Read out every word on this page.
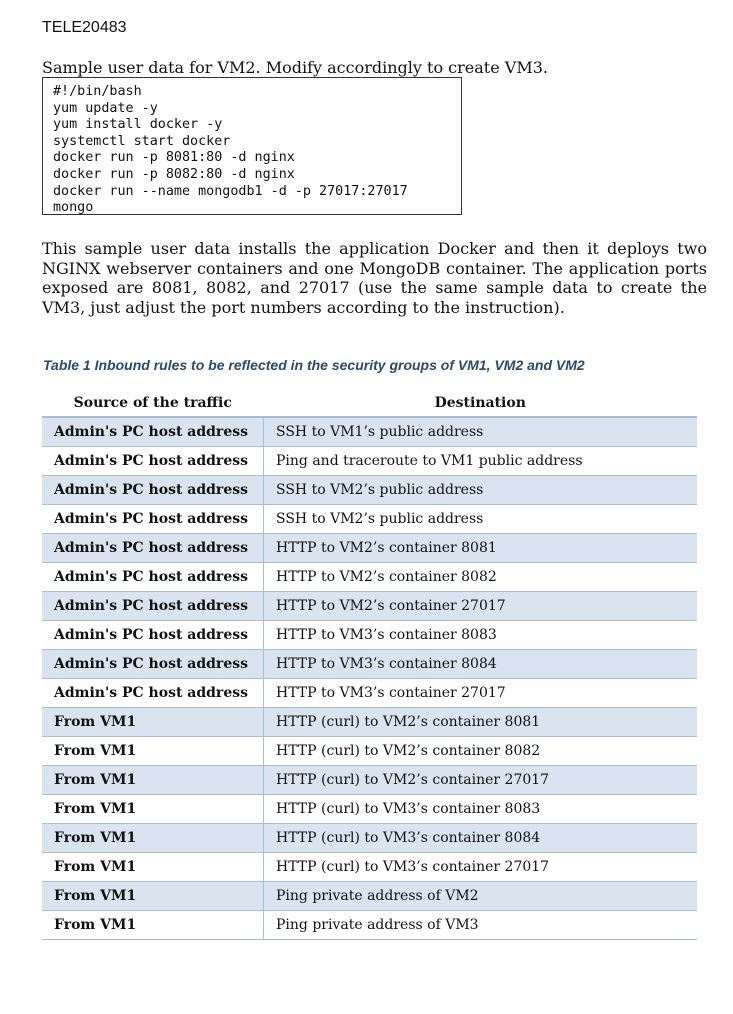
TELE20483
Sample user data for VM2. Modify accordingly to create VM3.
#!/bin/bash
yum update -y
yum install docker -y
systemctl start docker
docker run -p 8081:80 -d nginx
docker run -p 8082:80 -d nginx
docker run --name mongodb1 -d -p 27017:27017
mongo
This sample user data installs the application Docker and then it deploys two NGINX webserver containers and one MongoDB container. The application ports exposed are 8081, 8082, and 27017 (use the same sample data to create the VM3, just adjust the port numbers according to the instruction).
Table 1 Inbound rules to be reflected in the security groups of VM1, VM2 and VM2
Source of the traffic	Destination
Admin's PC host address	SSH to VM1’s public address
Admin's PC host address	Ping and traceroute to VM1 public address
Admin's PC host address	SSH to VM2’s public address
Admin's PC host address	SSH to VM2’s public address
Admin's PC host address	HTTP to VM2’s container 8081
Admin's PC host address	HTTP to VM2’s container 8082
Admin's PC host address	HTTP to VM2’s container 27017
Admin's PC host address	HTTP to VM3’s container 8083
Admin's PC host address	HTTP to VM3’s container 8084
Admin's PC host address	HTTP to VM3’s container 27017
From VM1	HTTP (curl) to VM2’s container 8081
From VM1	HTTP (curl) to VM2’s container 8082
From VM1	HTTP (curl) to VM2’s container 27017
From VM1	HTTP (curl) to VM3’s container 8083
From VM1	HTTP (curl) to VM3’s container 8084
From VM1	HTTP (curl) to VM3’s container 27017
From VM1	Ping private address of VM2
From VM1	Ping private address of VM3
